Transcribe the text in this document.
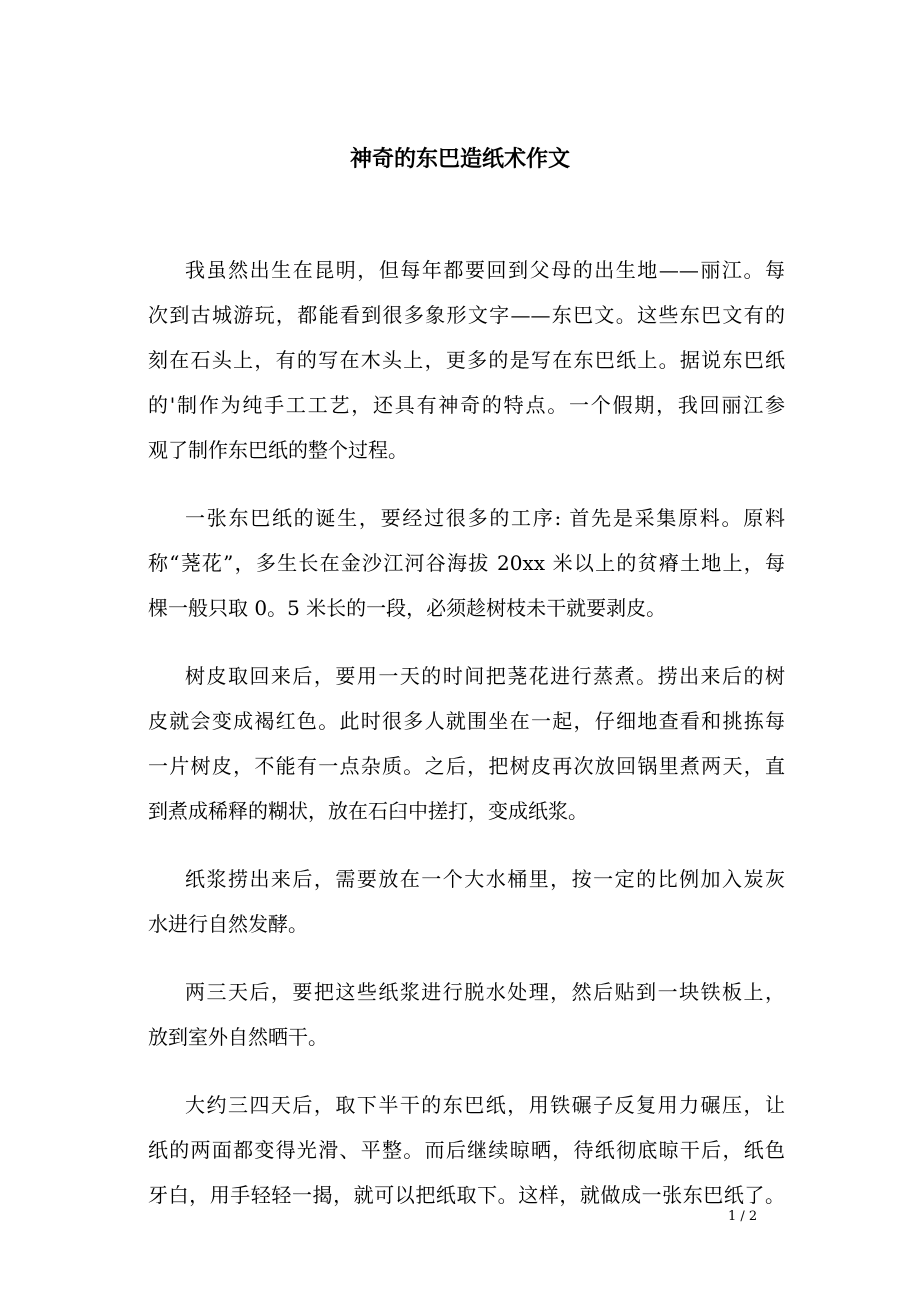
神奇的东巴造纸术作文
我虽然出生在昆明，但每年都要回到父母的出生地——丽江。每
次到古城游玩，都能看到很多象形文字——东巴文。这些东巴文有的
刻在石头上，有的写在木头上，更多的是写在东巴纸上。据说东巴纸
的'制作为纯手工工艺，还具有神奇的特点。一个假期，我回丽江参
观了制作东巴纸的整个过程。
一张东巴纸的诞生，要经过很多的工序: 首先是采集原料。原料
称“荛花”，多生长在金沙江河谷海拔 20xx 米以上的贫瘠土地上，每
棵一般只取 0。5 米长的一段，必须趁树枝未干就要剥皮。
树皮取回来后，要用一天的时间把荛花进行蒸煮。捞出来后的树
皮就会变成褐红色。此时很多人就围坐在一起，仔细地查看和挑拣每
一片树皮，不能有一点杂质。之后，把树皮再次放回锅里煮两天，直
到煮成稀释的糊状，放在石臼中搓打，变成纸浆。
纸浆捞出来后，需要放在一个大水桶里，按一定的比例加入炭灰
水进行自然发酵。
两三天后，要把这些纸浆进行脱水处理，然后贴到一块铁板上，
放到室外自然晒干。
大约三四天后，取下半干的东巴纸，用铁碾子反复用力碾压，让
纸的两面都变得光滑、平整。而后继续晾晒，待纸彻底晾干后，纸色
牙白，用手轻轻一揭，就可以把纸取下。这样，就做成一张东巴纸了。
1 / 2
